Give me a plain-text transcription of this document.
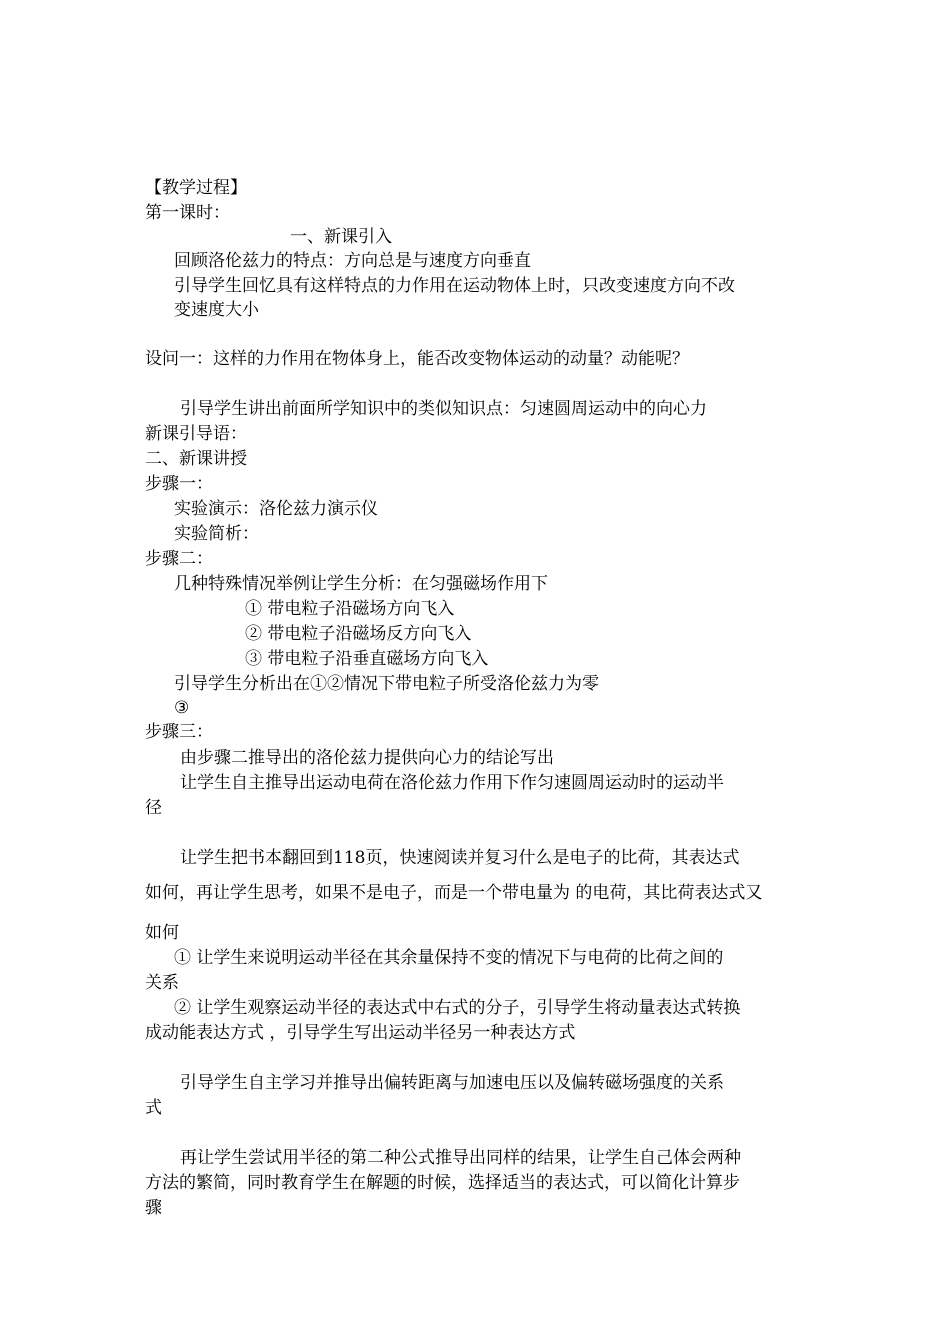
【教学过程】
第一课时：
一、新课引入
回顾洛伦兹力的特点：方向总是与速度方向垂直
引导学生回忆具有这样特点的力作用在运动物体上时，只改变速度方向不改
变速度大小
设问一：这样的力作用在物体身上，能否改变物体运动的动量？动能呢？
引导学生讲出前面所学知识中的类似知识点：匀速圆周运动中的向心力
新课引导语：
二、新课讲授
步骤一：
实验演示：洛伦兹力演示仪
实验简析：
步骤二：
几种特殊情况举例让学生分析：在匀强磁场作用下
① 带电粒子沿磁场方向飞入
② 带电粒子沿磁场反方向飞入
③ 带电粒子沿垂直磁场方向飞入
引导学生分析出在①②情况下带电粒子所受洛伦兹力为零
③
步骤三：
由步骤二推导出的洛伦兹力提供向心力的结论写出
让学生自主推导出运动电荷在洛伦兹力作用下作匀速圆周运动时的运动半
径
让学生把书本翻回到118页，快速阅读并复习什么是电子的比荷，其表达式
如何，再让学生思考，如果不是电子，而是一个带电量为 的电荷，其比荷表达式又
如何
① 让学生来说明运动半径在其余量保持不变的情况下与电荷的比荷之间的
关系
② 让学生观察运动半径的表达式中右式的分子，引导学生将动量表达式转换
成动能表达方式 ，引导学生写出运动半径另一种表达方式
引导学生自主学习并推导出偏转距离与加速电压以及偏转磁场强度的关系
式
再让学生尝试用半径的第二种公式推导出同样的结果，让学生自己体会两种
方法的繁简，同时教育学生在解题的时候，选择适当的表达式，可以简化计算步
骤
